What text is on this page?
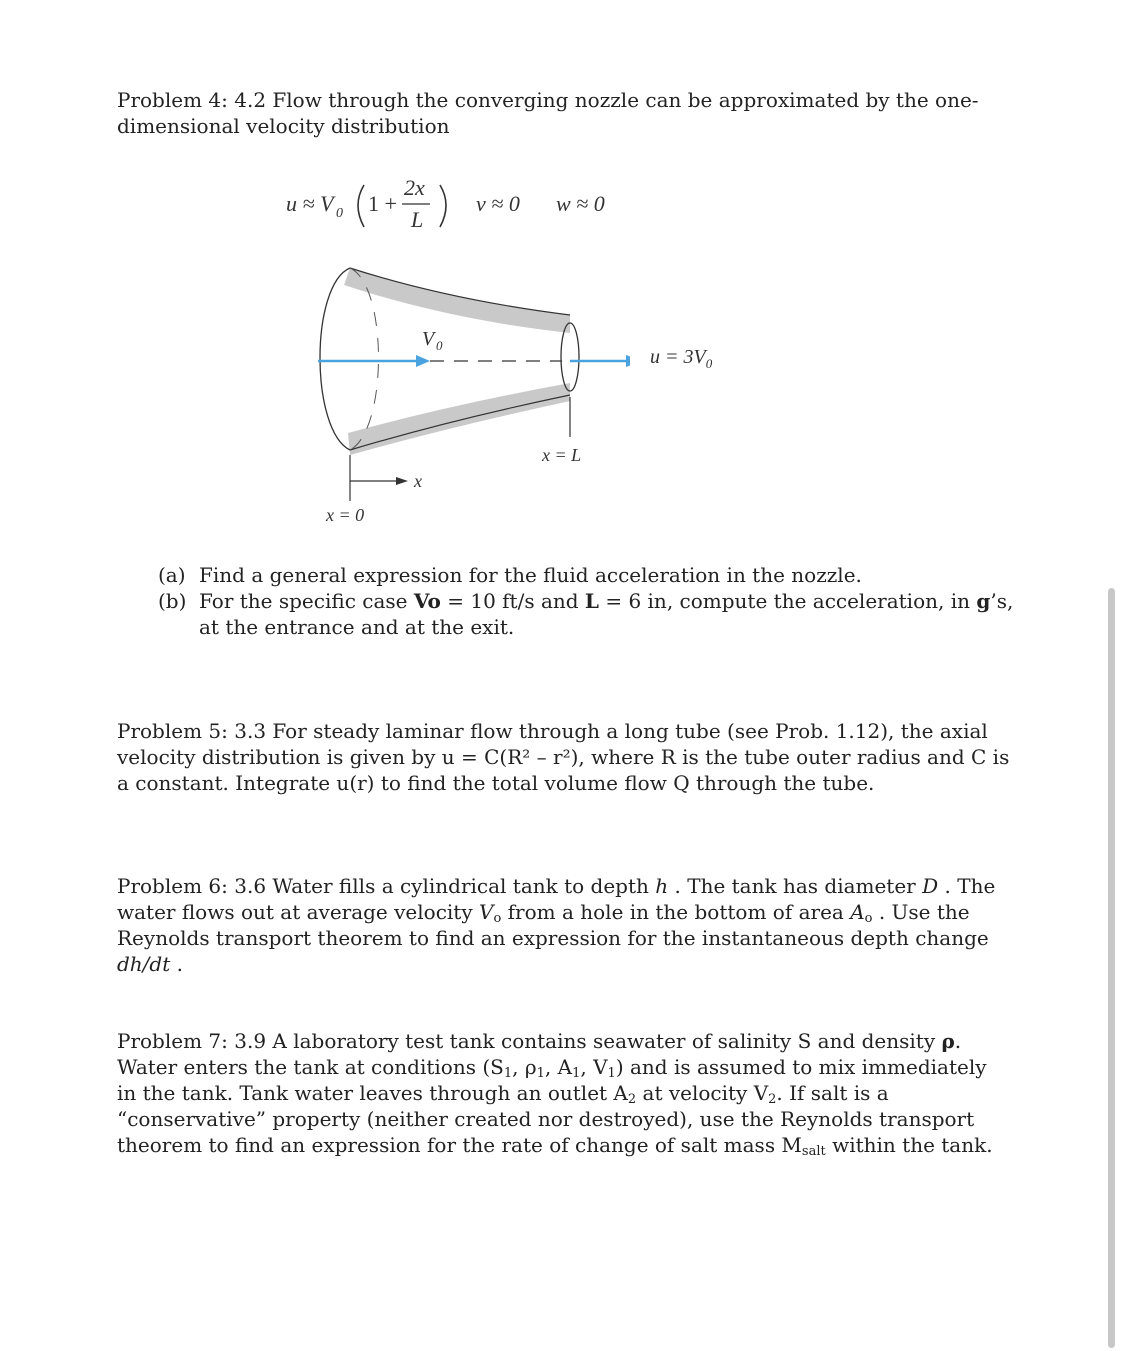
Problem 4: 4.2 Flow through the converging nozzle can be approximated by the one-
dimensional velocity distribution
u ≈ V 0 1 +
2x
L
v ≈ 0 w ≈ 0
V 0
x = L
x
x = 0
$u = 3V_0$
(a) Find a general expression for the fluid acceleration in the nozzle.
(b) For the specific case Vo = 10 ft/s and L = 6 in, compute the acceleration, in g’s, at the entrance and at the exit.

Problem 5: 3.3 For steady laminar flow through a long tube (see Prob. 1.12), the axial velocity distribution is given by u = C(R² – r²), where R is the tube outer radius and C is a constant. Integrate u(r) to find the total volume flow Q through the tube.

Problem 6: 3.6 Water fills a cylindrical tank to depth h . The tank has diameter D . The water flows out at average velocity $V_o$ from a hole in the bottom of area $A_o$ . Use the Reynolds transport theorem to find an expression for the instantaneous depth change dh/dt .

Problem 7: 3.9 A laboratory test tank contains seawater of salinity S and density ρ. Water enters the tank at conditions ($S_1$, $\rho_1$, $A_1$, $V_1$) and is assumed to mix immediately in the tank. Tank water leaves through an outlet $A_2$ at velocity $V_2$. If salt is a “conservative” property (neither created nor destroyed), use the Reynolds transport theorem to find an expression for the rate of change of salt mass $M_{salt}$ within the tank.
